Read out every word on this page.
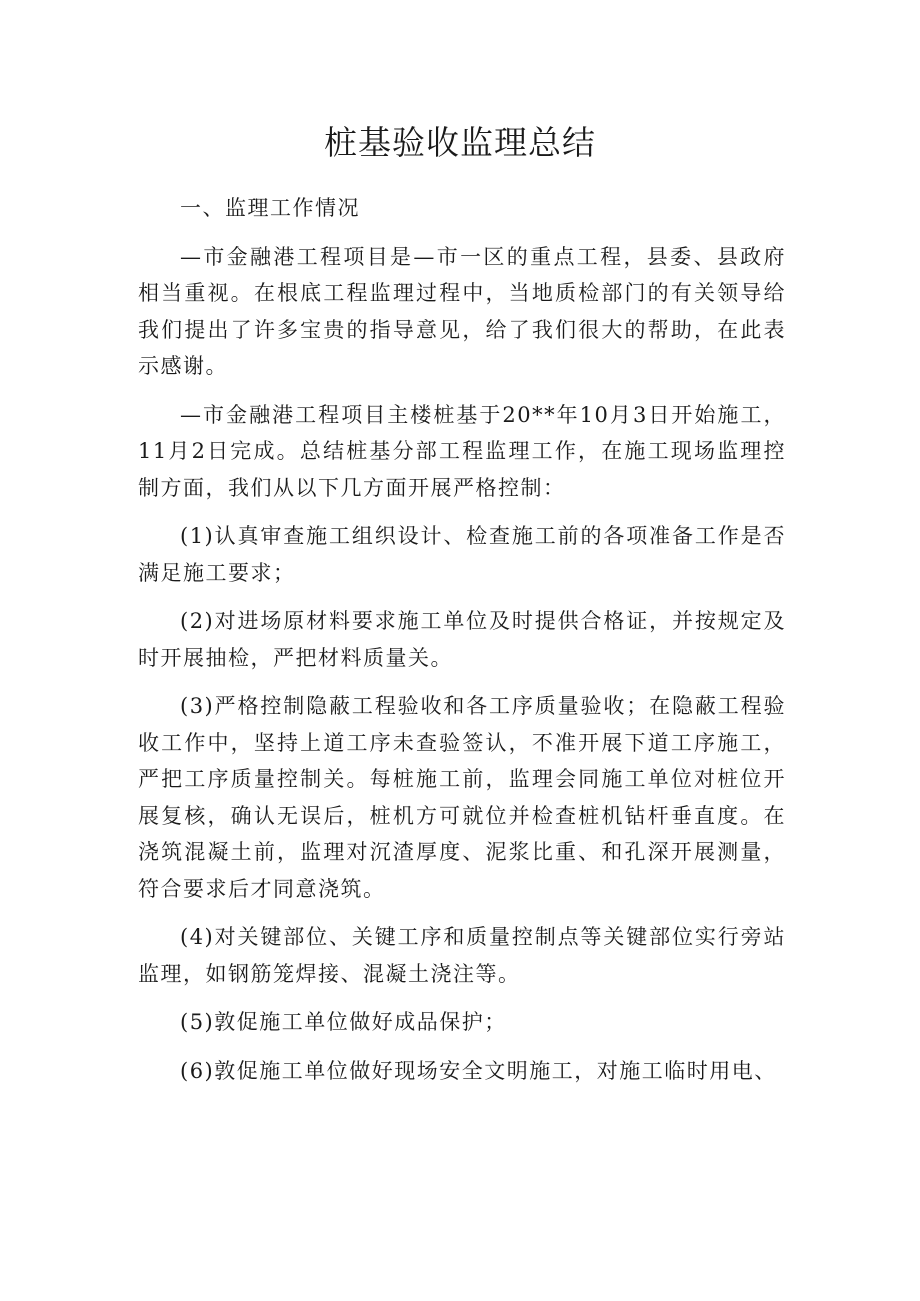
桩基验收监理总结

一、监理工作情况

—市金融港工程项目是—市一区的重点工程，县委、县政府相当重视。在根底工程监理过程中，当地质检部门的有关领导给我们提出了许多宝贵的指导意见，给了我们很大的帮助，在此表示感谢。

—市金融港工程项目主楼桩基于20**年10月3日开始施工，11月2日完成。总结桩基分部工程监理工作，在施工现场监理控制方面，我们从以下几方面开展严格控制：

(1)认真审查施工组织设计、检查施工前的各项准备工作是否满足施工要求；

(2)对进场原材料要求施工单位及时提供合格证，并按规定及时开展抽检，严把材料质量关。

(3)严格控制隐蔽工程验收和各工序质量验收；在隐蔽工程验收工作中，坚持上道工序未查验签认，不准开展下道工序施工，严把工序质量控制关。每桩施工前，监理会同施工单位对桩位开展复核，确认无误后，桩机方可就位并检查桩机钻杆垂直度。在浇筑混凝土前，监理对沉渣厚度、泥浆比重、和孔深开展测量，符合要求后才同意浇筑。

(4)对关键部位、关键工序和质量控制点等关键部位实行旁站监理，如钢筋笼焊接、混凝土浇注等。

(5)敦促施工单位做好成品保护；

(6)敦促施工单位做好现场安全文明施工，对施工临时用电、
